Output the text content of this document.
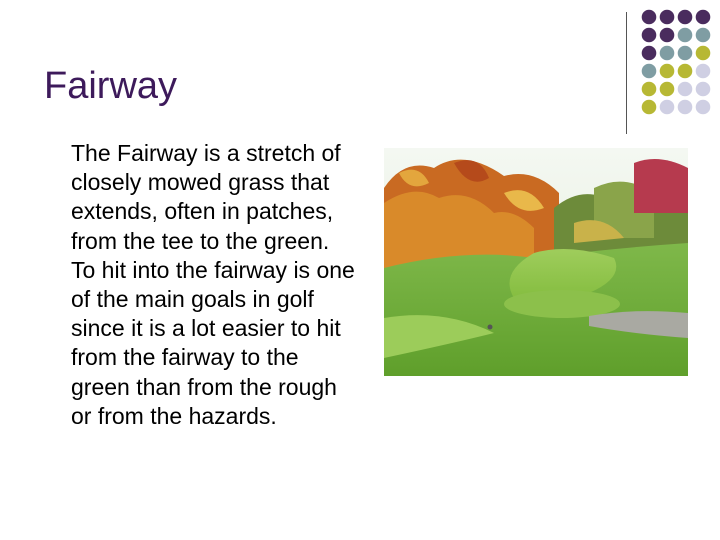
Fairway

The Fairway is a stretch of closely mowed grass that extends, often in patches, from the tee to the green. To hit into the fairway is one of the main goals in golf since it is a lot easier to hit from the fairway to the green than from the rough or from the hazards.
